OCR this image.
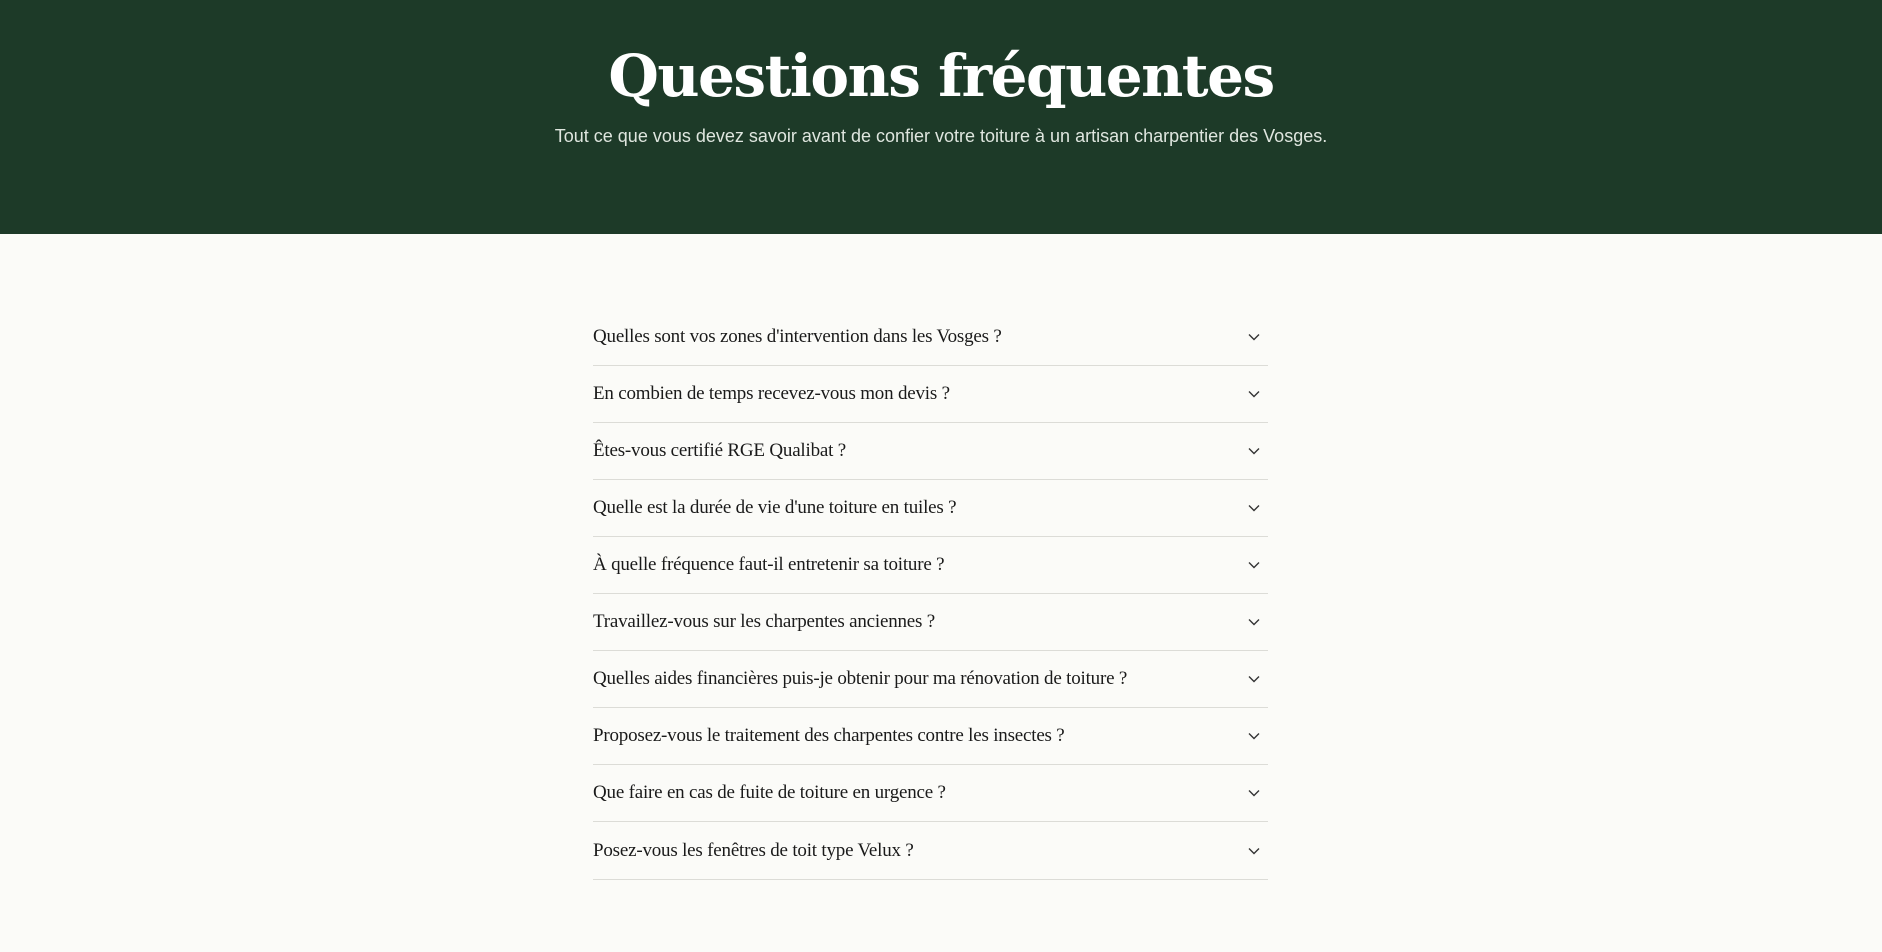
Questions fréquentes

Tout ce que vous devez savoir avant de confier votre toiture à un artisan charpentier des Vosges.

Quelles sont vos zones d'intervention dans les Vosges ?
En combien de temps recevez-vous mon devis ?
Êtes-vous certifié RGE Qualibat ?
Quelle est la durée de vie d'une toiture en tuiles ?
À quelle fréquence faut-il entretenir sa toiture ?
Travaillez-vous sur les charpentes anciennes ?
Quelles aides financières puis-je obtenir pour ma rénovation de toiture ?
Proposez-vous le traitement des charpentes contre les insectes ?
Que faire en cas de fuite de toiture en urgence ?
Posez-vous les fenêtres de toit type Velux ?
